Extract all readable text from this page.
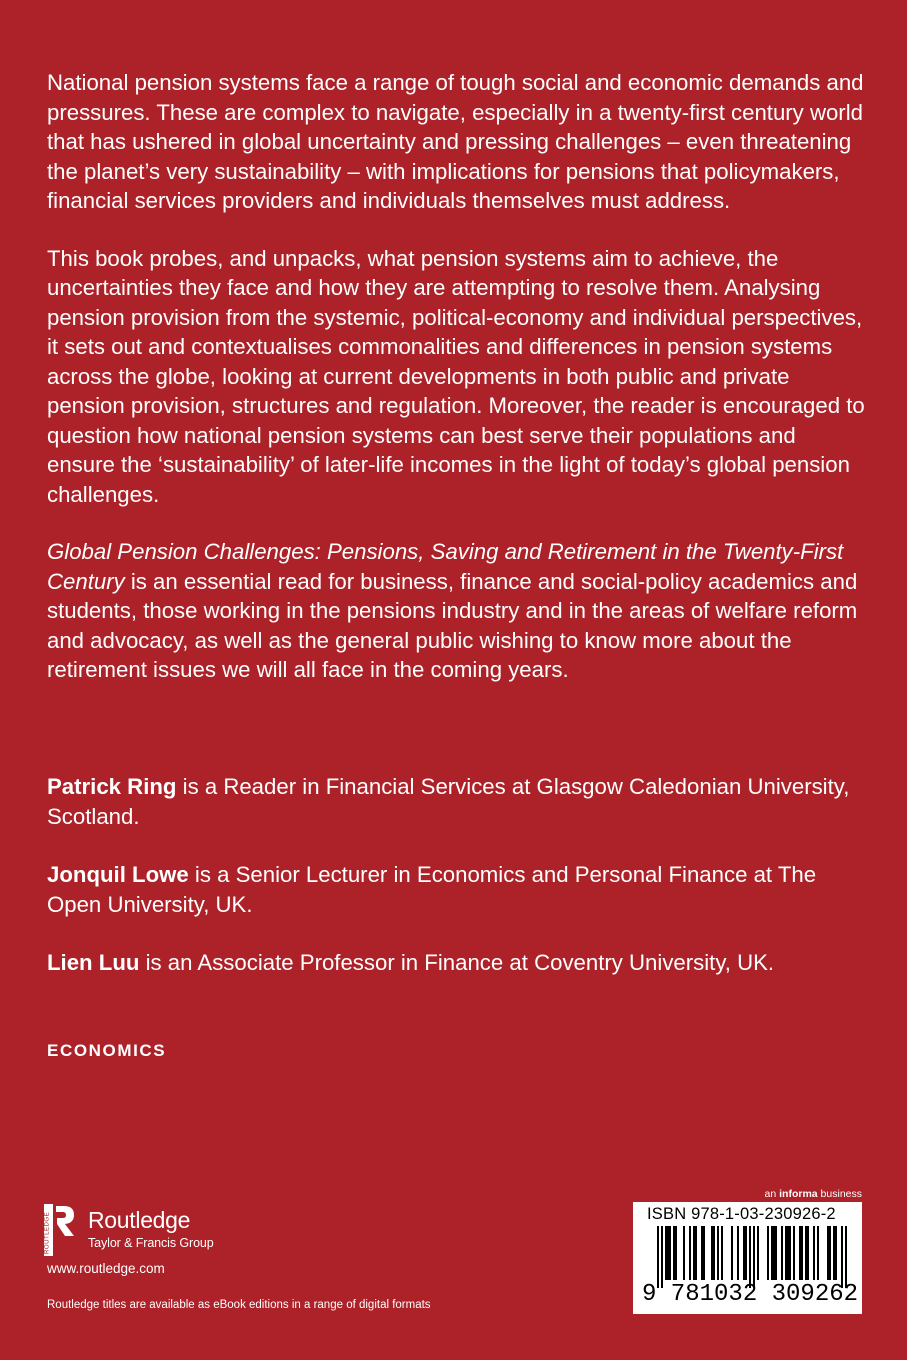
National pension systems face a range of tough social and economic demands and pressures. These are complex to navigate, especially in a twenty-first century world that has ushered in global uncertainty and pressing challenges – even threatening the planet’s very sustainability – with implications for pensions that policymakers, financial services providers and individuals themselves must address.

This book probes, and unpacks, what pension systems aim to achieve, the uncertainties they face and how they are attempting to resolve them. Analysing pension provision from the systemic, political-economy and individual perspectives, it sets out and contextualises commonalities and differences in pension systems across the globe, looking at current developments in both public and private pension provision, structures and regulation. Moreover, the reader is encouraged to question how national pension systems can best serve their populations and ensure the ‘sustainability’ of later-life incomes in the light of today’s global pension challenges.

Global Pension Challenges: Pensions, Saving and Retirement in the Twenty-First Century is an essential read for business, finance and social-policy academics and students, those working in the pensions industry and in the areas of welfare reform and advocacy, as well as the general public wishing to know more about the retirement issues we will all face in the coming years.

Patrick Ring is a Reader in Financial Services at Glasgow Caledonian University, Scotland.

Jonquil Lowe is a Senior Lecturer in Economics and Personal Finance at The Open University, UK.

Lien Luu is an Associate Professor in Finance at Coventry University, UK.

ECONOMICS
ROUTLEDGE Routledge
Taylor & Francis Group
www.routledge.com
Routledge titles are available as eBook editions in a range of digital formats
an informa business
ISBN 978-1-03-230926-2
9 781032 309262
